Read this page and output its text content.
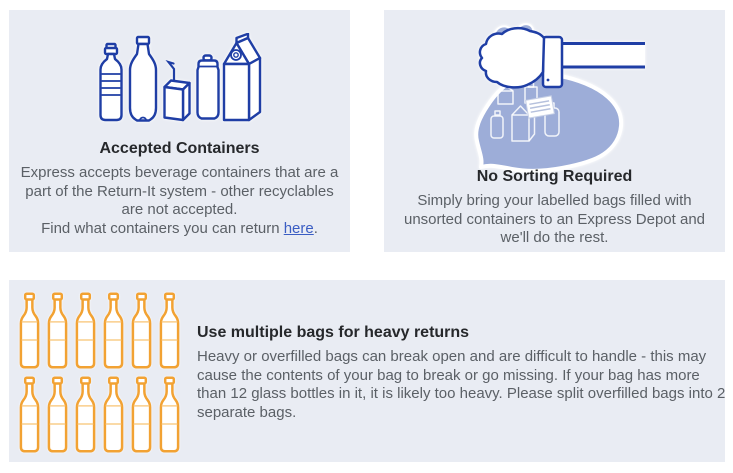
Accepted Containers

Express accepts beverage containers that are a part of the Return-It system - other recyclables are not accepted.
Find what containers you can return here.

No Sorting Required

Simply bring your labelled bags filled with unsorted containers to an Express Depot and we'll do the rest.

Use multiple bags for heavy returns

Heavy or overfilled bags can break open and are difficult to handle - this may cause the contents of your bag to break or go missing. If your bag has more than 12 glass bottles in it, it is likely too heavy. Please split overfilled bags into 2 separate bags.
